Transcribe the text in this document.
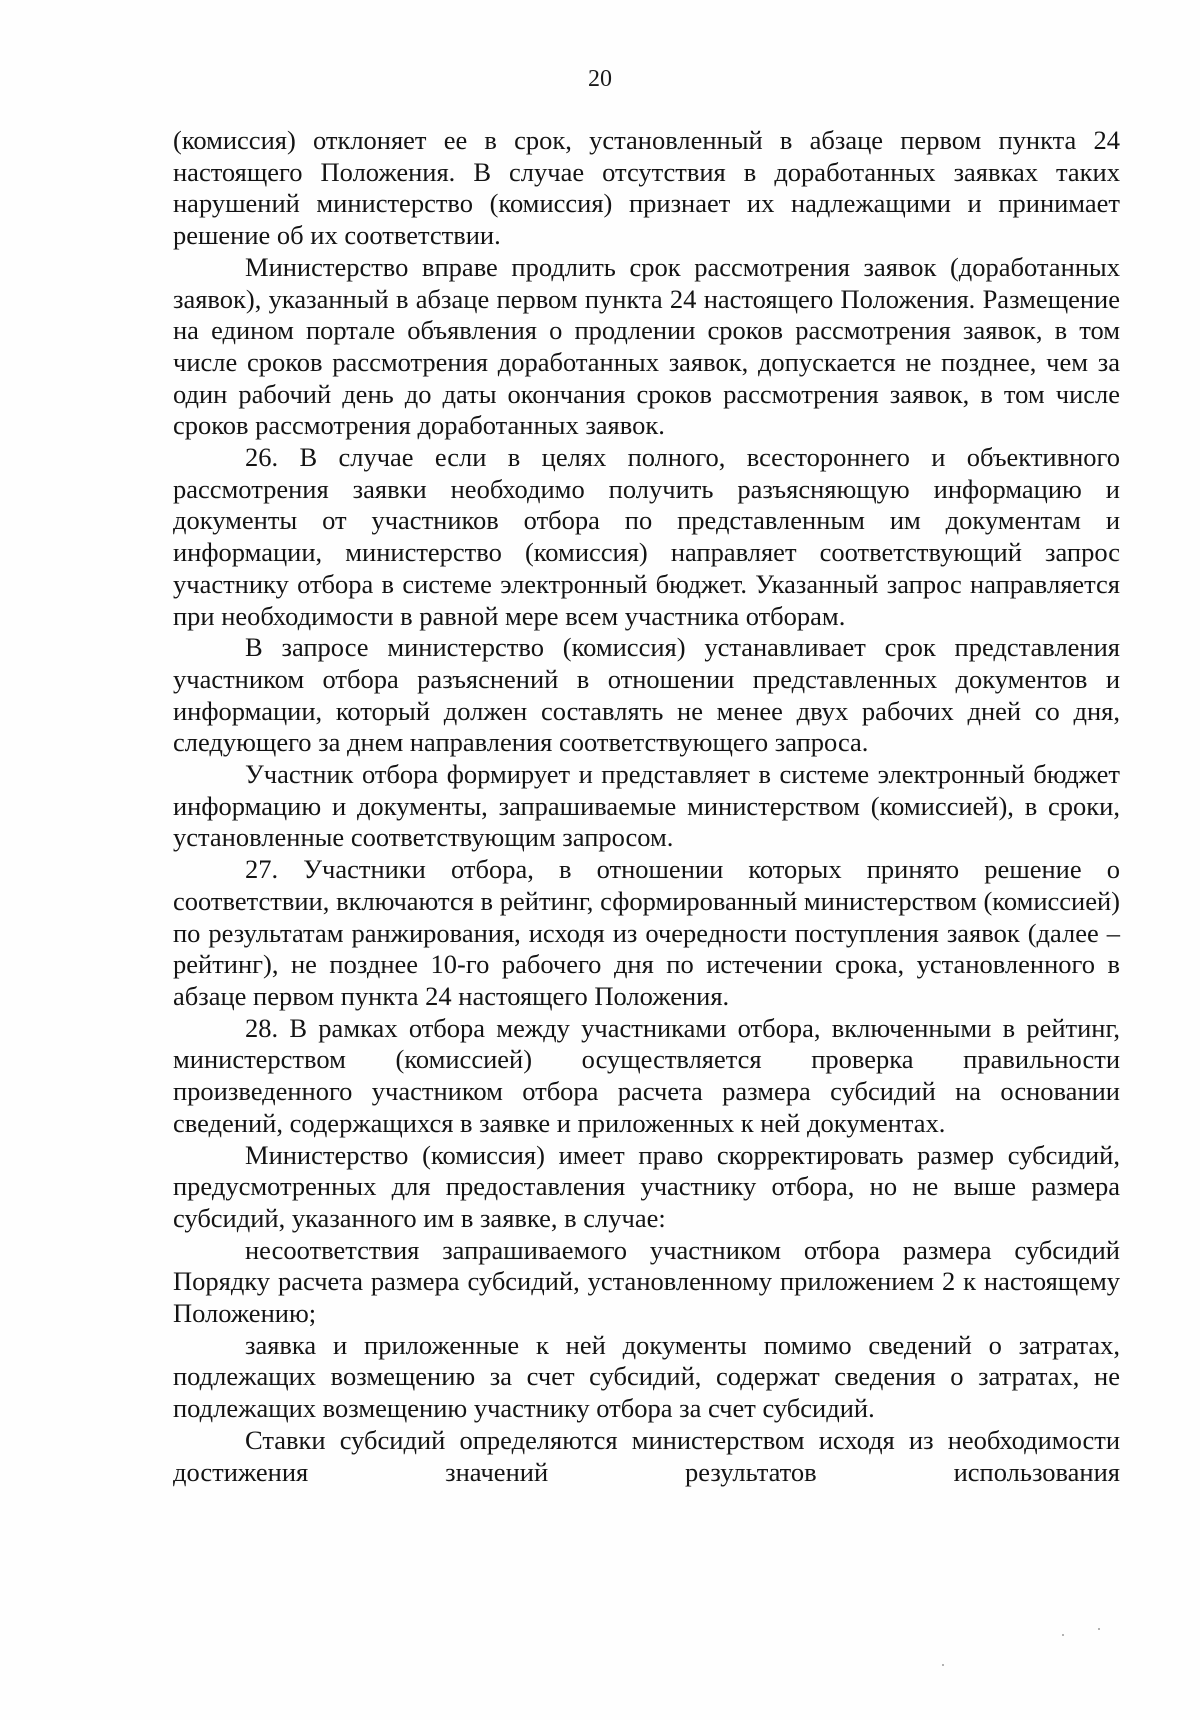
20

(комиссия) отклоняет ее в срок, установленный в абзаце первом пункта 24 настоящего Положения. В случае отсутствия в доработанных заявках таких нарушений министерство (комиссия) признает их надлежащими и принимает решение об их соответствии.

Министерство вправе продлить срок рассмотрения заявок (доработанных заявок), указанный в абзаце первом пункта 24 настоящего Положения. Размещение на едином портале объявления о продлении сроков рассмотрения заявок, в том числе сроков рассмотрения доработанных заявок, допускается не позднее, чем за один рабочий день до даты окончания сроков рассмотрения заявок, в том числе сроков рассмотрения доработанных заявок.

26. В случае если в целях полного, всестороннего и объективного рассмотрения заявки необходимо получить разъясняющую информацию и документы от участников отбора по представленным им документам и информации, министерство (комиссия) направляет соответствующий запрос участнику отбора в системе электронный бюджет. Указанный запрос направляется при необходимости в равной мере всем участника отборам.

В запросе министерство (комиссия) устанавливает срок представления участником отбора разъяснений в отношении представленных документов и информации, который должен составлять не менее двух рабочих дней со дня, следующего за днем направления соответствующего запроса.

Участник отбора формирует и представляет в системе электронный бюджет информацию и документы, запрашиваемые министерством (комиссией), в сроки, установленные соответствующим запросом.

27. Участники отбора, в отношении которых принято решение о соответствии, включаются в рейтинг, сформированный министерством (комиссией) по результатам ранжирования, исходя из очередности поступления заявок (далее – рейтинг), не позднее 10-го рабочего дня по истечении срока, установленного в абзаце первом пункта 24 настоящего Положения.

28. В рамках отбора между участниками отбора, включенными в рейтинг, министерством (комиссией) осуществляется проверка правильности произведенного участником отбора расчета размера субсидий на основании сведений, содержащихся в заявке и приложенных к ней документах.

Министерство (комиссия) имеет право скорректировать размер субсидий, предусмотренных для предоставления участнику отбора, но не выше размера субсидий, указанного им в заявке, в случае:

несоответствия запрашиваемого участником отбора размера субсидий Порядку расчета размера субсидий, установленному приложением 2 к настоящему Положению;

заявка и приложенные к ней документы помимо сведений о затратах, подлежащих возмещению за счет субсидий, содержат сведения о затратах, не подлежащих возмещению участнику отбора за счет субсидий.

Ставки субсидий определяются министерством исходя из необходимости достижения значений результатов использования
